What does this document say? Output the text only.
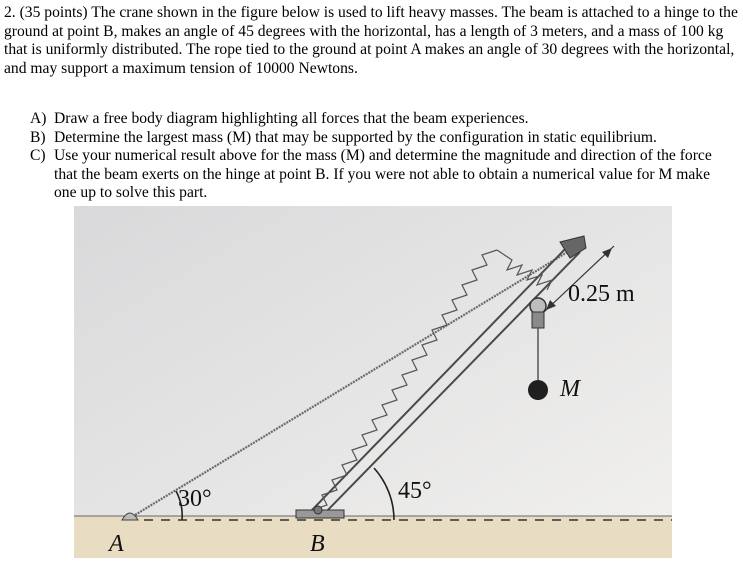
2. (35 points) The crane shown in the figure below is used to lift heavy masses. The beam is attached to a hinge to the ground at point B, makes an angle of 45 degrees with the horizontal, has a length of 3 meters, and a mass of 100 kg that is uniformly distributed. The rope tied to the ground at point A makes an angle of 30 degrees with the horizontal, and may support a maximum tension of 10000 Newtons.

A) Draw a free body diagram highlighting all forces that the beam experiences.
B) Determine the largest mass (M) that may be supported by the configuration in static equilibrium.
C) Use your numerical result above for the mass (M) and determine the magnitude and direction of the force that the beam exerts on the hinge at point B. If you were not able to obtain a numerical value for M make one up to solve this part.
M
0.25 m
30°	45°
A	B
